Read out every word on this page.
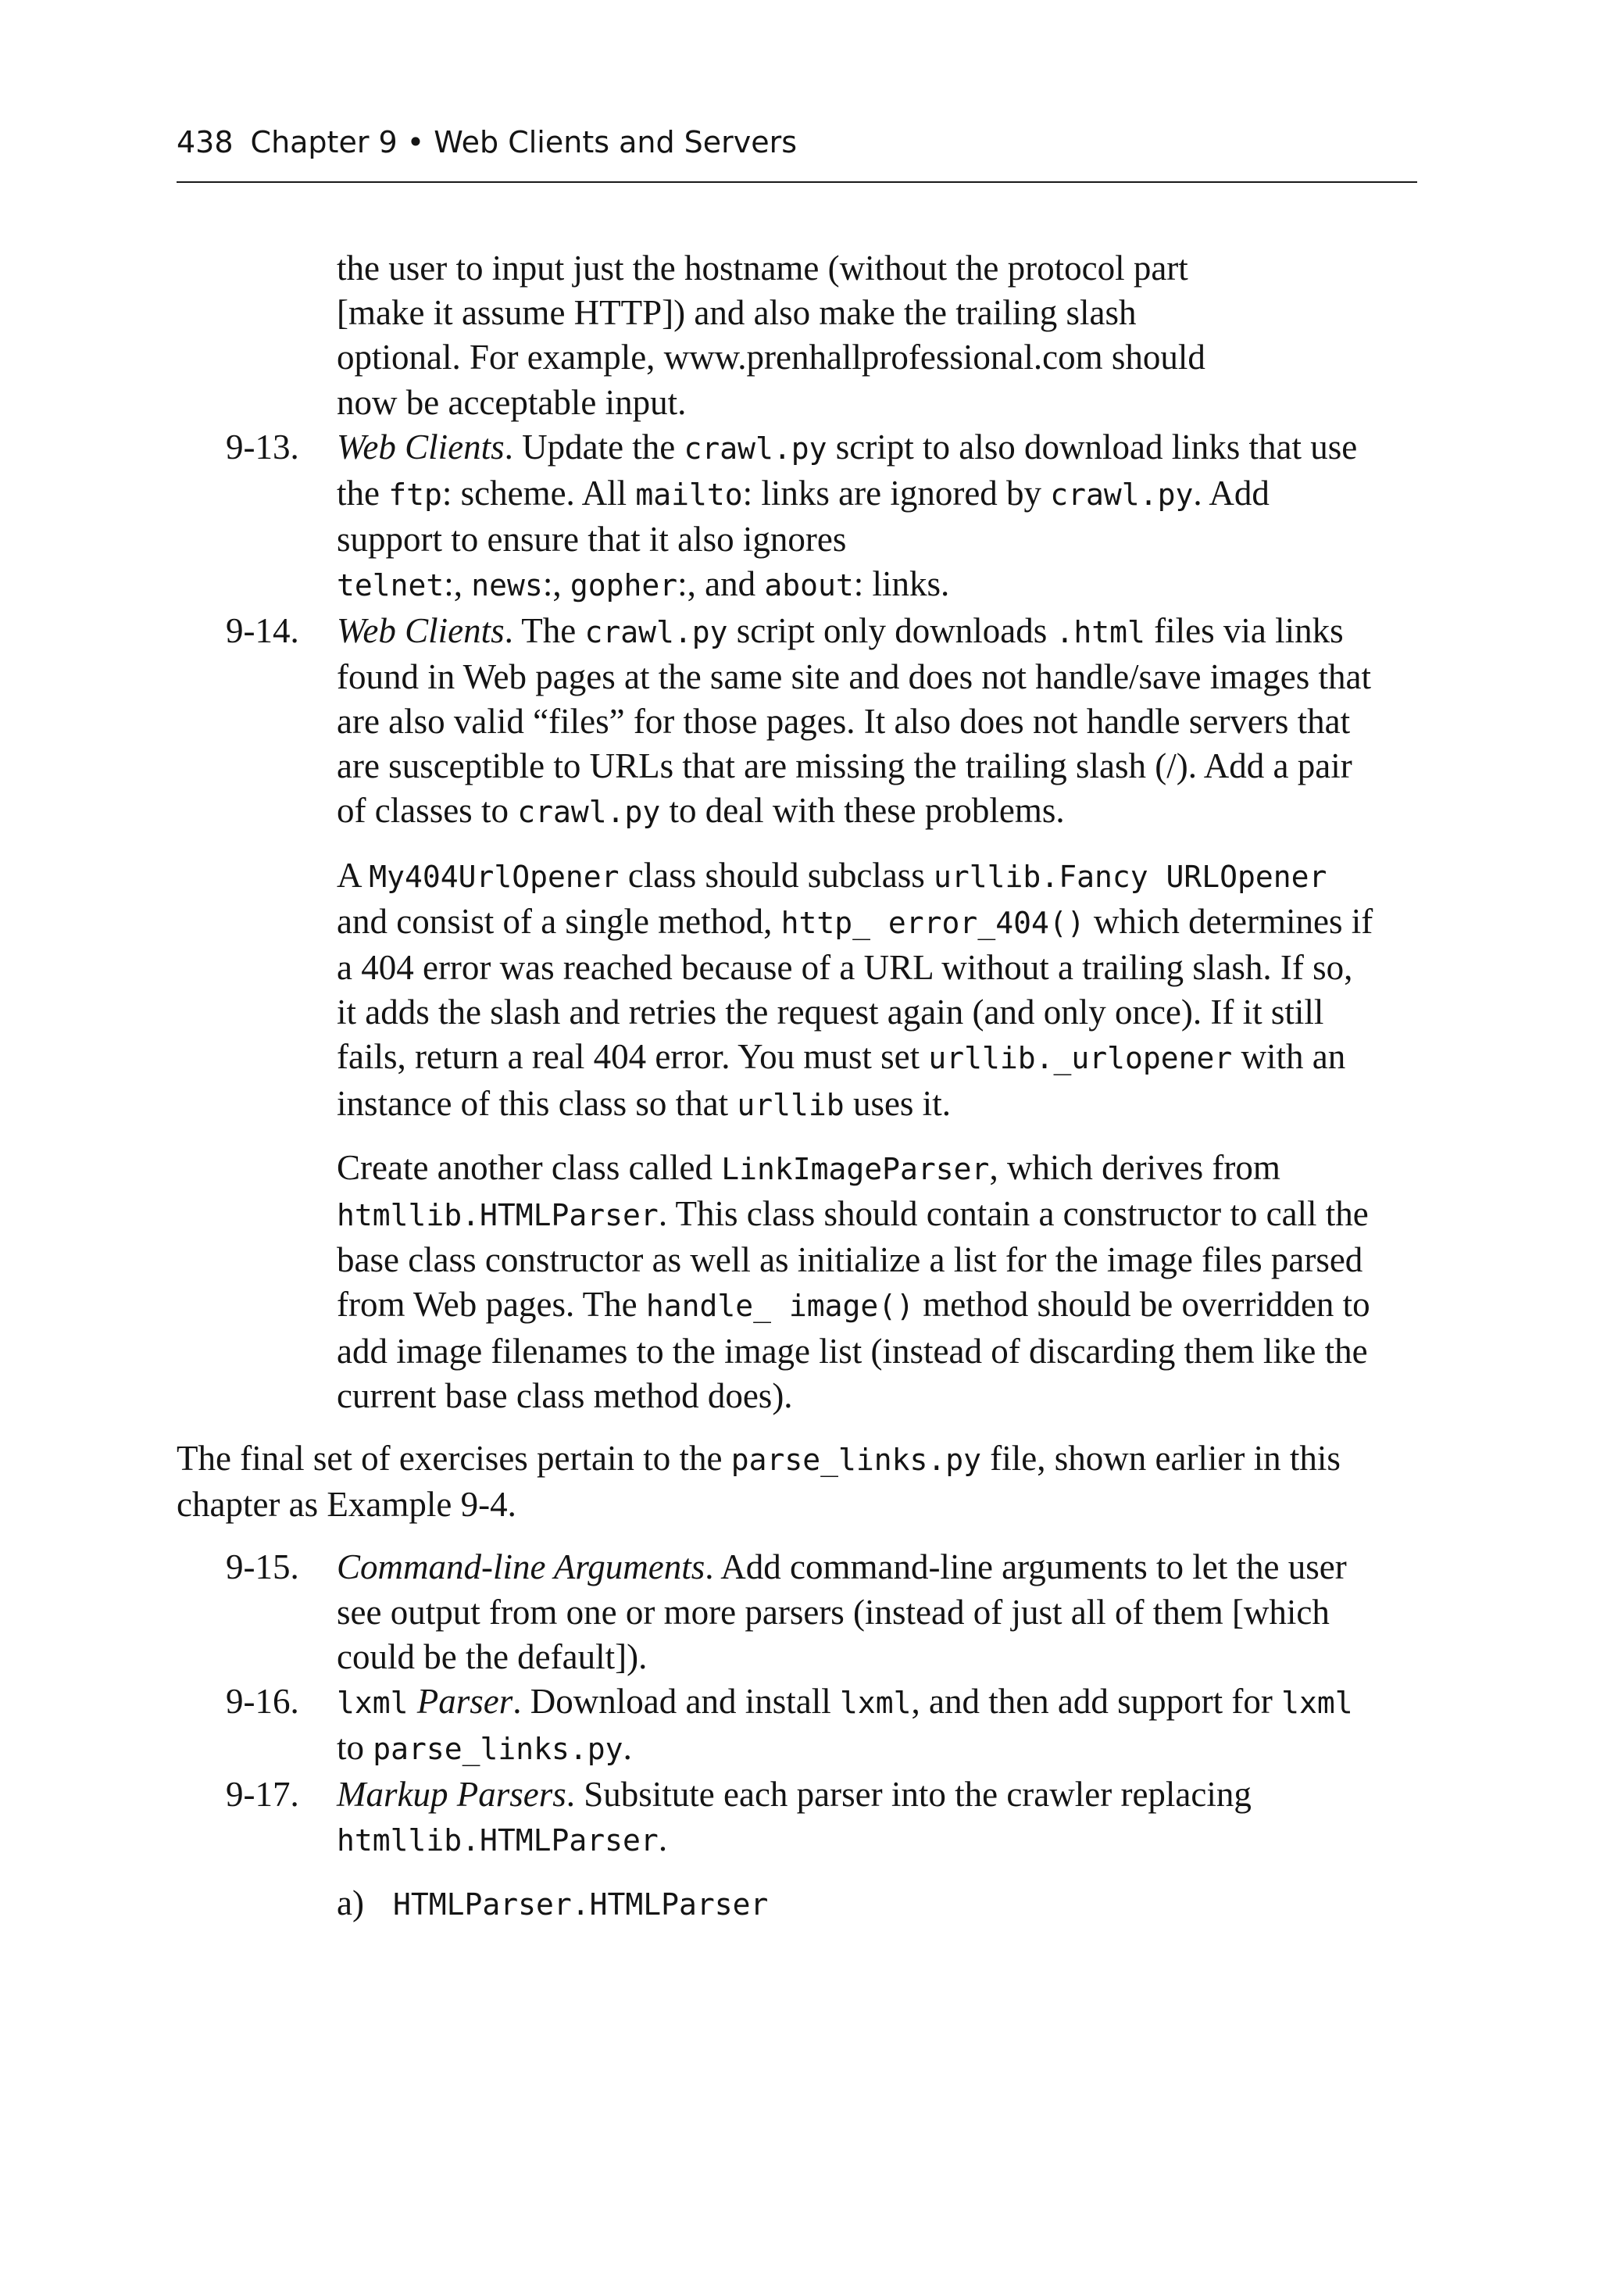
438 Chapter 9 • Web Clients and Servers
the user to input just the hostname (without the protocol part
[make it assume HTTP]) and also make the trailing slash
optional. For example, www.prenhallprofessional.com should
now be acceptable input.
9-13. Web Clients. Update the crawl.py script to also download links that use the ftp: scheme. All mailto: links are ignored by crawl.py. Add support to ensure that it also ignores
telnet:, news:, gopher:, and about: links.
9-14. Web Clients. The crawl.py script only downloads .html files via links found in Web pages at the same site and does not handle/save images that are also valid “files” for those pages. It also does not handle servers that are susceptible to URLs that are missing the trailing slash (/). Add a pair of classes to crawl.py to deal with these problems.
A My404UrlOpener class should subclass urllib.Fancy URLOpener and consist of a single method, http_ error_404() which determines if a 404 error was reached because of a URL without a trailing slash. If so, it adds the slash and retries the request again (and only once). If it still fails, return a real 404 error. You must set urllib._urlopener with an instance of this class so that urllib uses it.
Create another class called LinkImageParser, which derives from htmllib.HTMLParser. This class should contain a constructor to call the base class constructor as well as initialize a list for the image files parsed from Web pages. The handle_ image() method should be overridden to add image filenames to the image list (instead of discarding them like the current base class method does).
The final set of exercises pertain to the parse_links.py file, shown earlier in this chapter as Example 9-4.
9-15. Command-line Arguments. Add command-line arguments to let the user see output from one or more parsers (instead of just all of them [which could be the default]).
9-16. lxml Parser. Download and install lxml, and then add support for lxml to parse_links.py.
9-17. Markup Parsers. Subsitute each parser into the crawler replacing htmllib.HTMLParser.
a) HTMLParser.HTMLParser
